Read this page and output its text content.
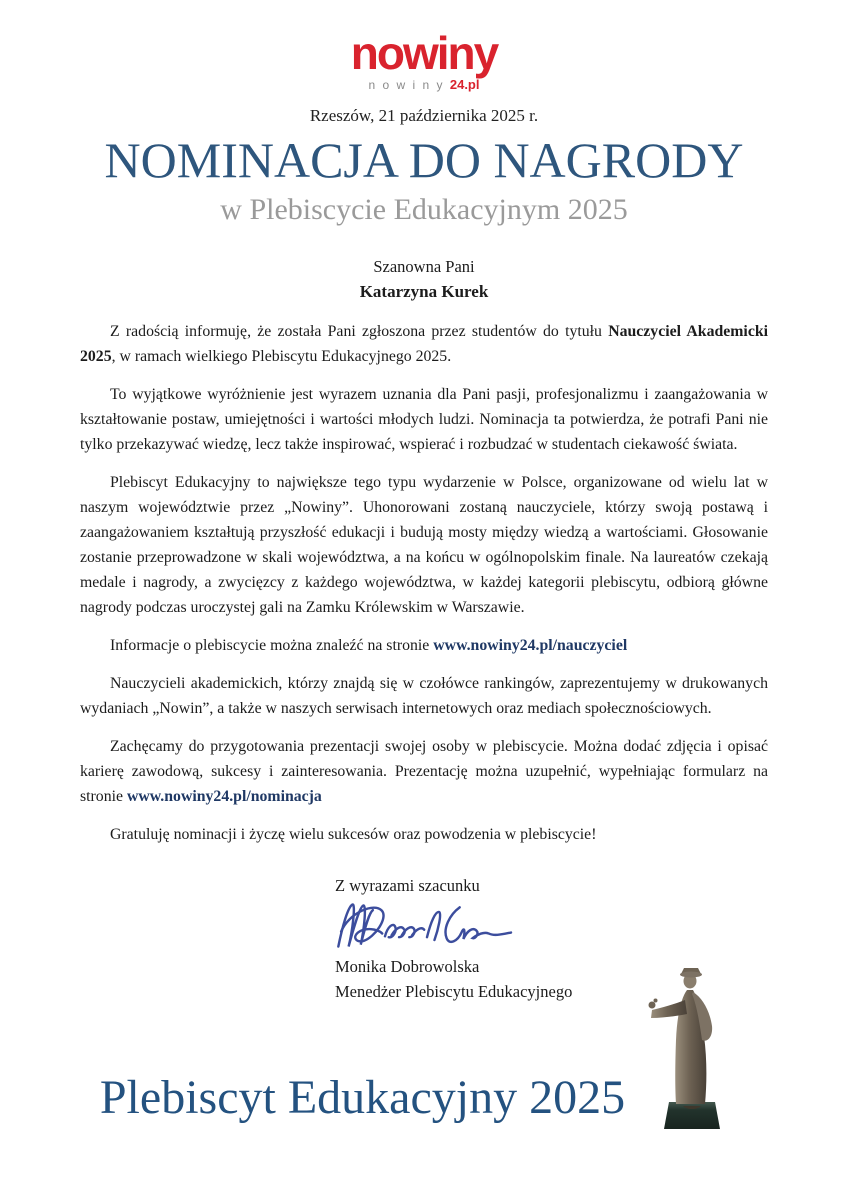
nowiny
n o w i n y 24.pl
Rzeszów, 21 października 2025 r.
NOMINACJA DO NAGRODY
w Plebiscycie Edukacyjnym 2025
Szanowna Pani
Katarzyna Kurek

Z radością informuję, że została Pani zgłoszona przez studentów do tytułu Nauczyciel Akademicki 2025, w ramach wielkiego Plebiscytu Edukacyjnego 2025.

To wyjątkowe wyróżnienie jest wyrazem uznania dla Pani pasji, profesjonalizmu i zaangażowania w kształtowanie postaw, umiejętności i wartości młodych ludzi. Nominacja ta potwierdza, że potrafi Pani nie tylko przekazywać wiedzę, lecz także inspirować, wspierać i rozbudzać w studentach ciekawość świata.

Plebiscyt Edukacyjny to największe tego typu wydarzenie w Polsce, organizowane od wielu lat w naszym województwie przez „Nowiny”. Uhonorowani zostaną nauczyciele, którzy swoją postawą i zaangażowaniem kształtują przyszłość edukacji i budują mosty między wiedzą a wartościami. Głosowanie zostanie przeprowadzone w skali województwa, a na końcu w ogólnopolskim finale. Na laureatów czekają medale i nagrody, a zwycięzcy z każdego województwa, w każdej kategorii plebiscytu, odbiorą główne nagrody podczas uroczystej gali na Zamku Królewskim w Warszawie.

Informacje o plebiscycie można znaleźć na stronie www.nowiny24.pl/nauczyciel

Nauczycieli akademickich, którzy znajdą się w czołówce rankingów, zaprezentujemy w drukowanych wydaniach „Nowin”, a także w naszych serwisach internetowych oraz mediach społecznościowych.

Zachęcamy do przygotowania prezentacji swojej osoby w plebiscycie. Można dodać zdjęcia i opisać karierę zawodową, sukcesy i zainteresowania. Prezentację można uzupełnić, wypełniając formularz na stronie www.nowiny24.pl/nominacja

Gratuluję nominacji i życzę wielu sukcesów oraz powodzenia w plebiscycie!

Z wyrazami szacunku
Monika Dobrowolska
Menedżer Plebiscytu Edukacyjnego
Plebiscyt Edukacyjny 2025
